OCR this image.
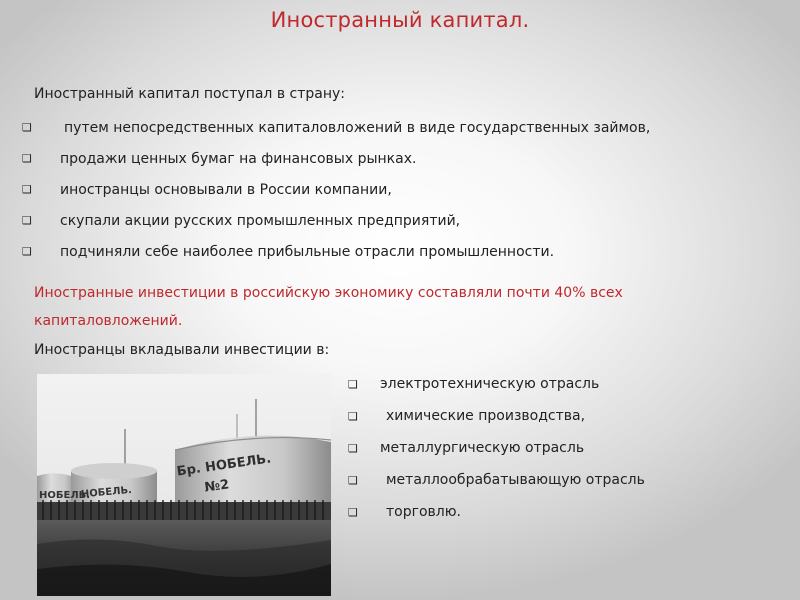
Иностранный капитал.
Иностранный капитал поступал в страну:
❑ путем непосредственных капиталовложений в виде государственных займов,
❑ продажи ценных бумаг на финансовых рынках.
❑ иностранцы основывали в России компании,
❑ скупали акции русских промышленных предприятий,
❑ подчиняли себе наиболее прибыльные отрасли промышленности.
Иностранные инвестиции в российскую экономику составляли почти 40% всех капиталовложений.
Иностранцы вкладывали инвестиции в:
НОБЕЛЬ.
НОБЕЛЬ.
Бр. НОБЕЛЬ.
№2
❑ электротехническую отрасль
❑ химические производства,
❑ металлургическую отрасль
❑ металлообрабатывающую отрасль
❑ торговлю.
